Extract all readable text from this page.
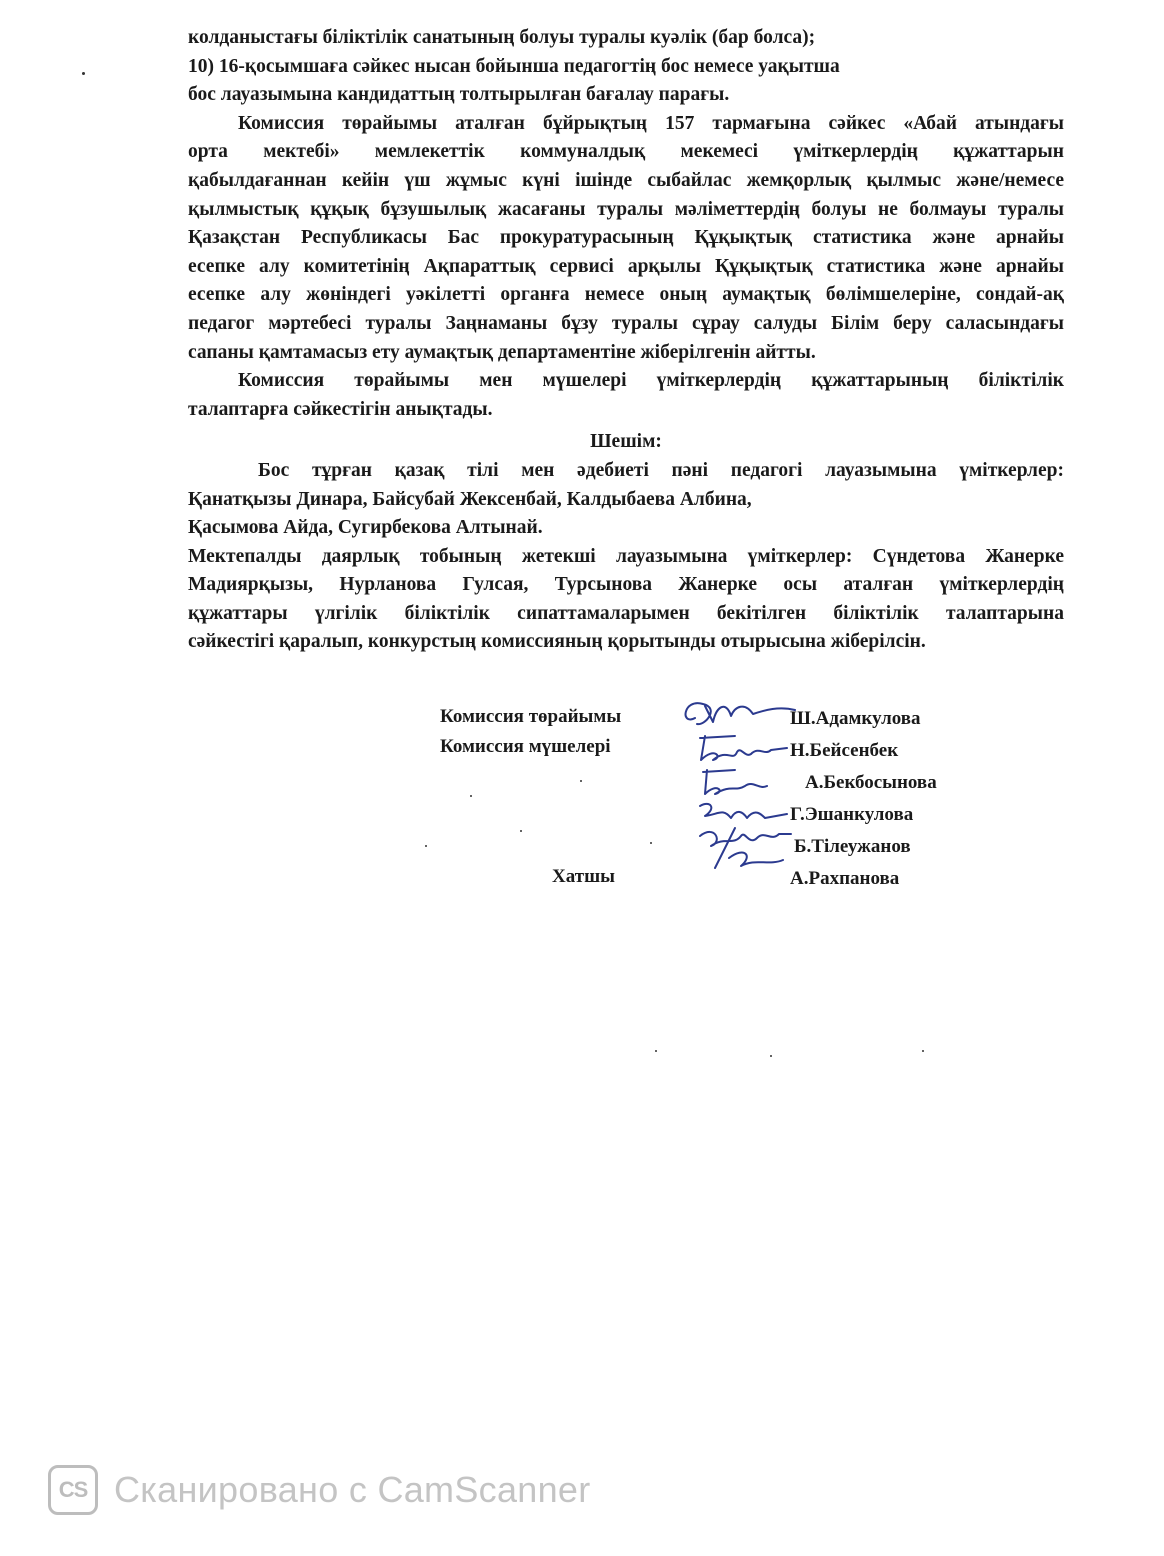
колданыстағы біліктілік санатының болуы туралы куәлік (бар болса);
10) 16-қосымшаға сәйкес нысан бойынша педагогтің бос немесе уақытша
бос лауазымына кандидаттың толтырылған бағалау парағы.
Комиссия төрайымы аталған бұйрықтың 157 тармағына сәйкес «Абай атындағы
орта мектебі» мемлекеттік коммуналдық мекемесі үміткерлердің құжаттарын
қабылдағаннан кейін үш жұмыс күні ішінде сыбайлас жемқорлық қылмыс және/немесе
қылмыстық құқық бұзушылық жасағаны туралы мәліметтердің болуы не болмауы туралы
Қазақстан Республикасы Бас прокуратурасының Құқықтық статистика және арнайы
есепке алу комитетінің Ақпараттық сервисі арқылы Құқықтық статистика және арнайы
есепке алу жөніндегі уәкілетті органға немесе оның аумақтық бөлімшелеріне, сондай-ақ
педагог мәртебесі туралы Заңнаманы бұзу туралы сұрау салуды Білім беру саласындағы
сапаны қамтамасыз ету аумақтық департаментіне жіберілгенін айтты.
Комиссия төрайымы мен мүшелері үміткерлердің құжаттарының біліктілік
талаптарға сәйкестігін анықтады.
Шешім:
Бос тұрған қазақ тілі мен әдебиеті пәні педагогі лауазымына үміткерлер:
Қанатқызы Динара, Байсубай Жексенбай, Калдыбаева Албина,
Қасымова Айда, Сугирбекова Алтынай.
Мектепалды даярлық тобының жетекші лауазымына үміткерлер: Сүндетова Жанерке
Мадиярқызы, Нурланова Гулсая, Турсынова Жанерке осы аталған үміткерлердің
құжаттары үлгілік біліктілік сипаттамаларымен бекітілген біліктілік талаптарына
сәйкестігі қаралып, конкурстың комиссияның қорытынды отырысына жіберілсін.
Комиссия төрайымы
Комиссия мүшелері
Хатшы
Ш.Адамкулова
Н.Бейсенбек
А.Бекбосынова
Г.Эшанкулова
Б.Тілеужанов
А.Рахпанова
CS Сканировано с CamScanner
